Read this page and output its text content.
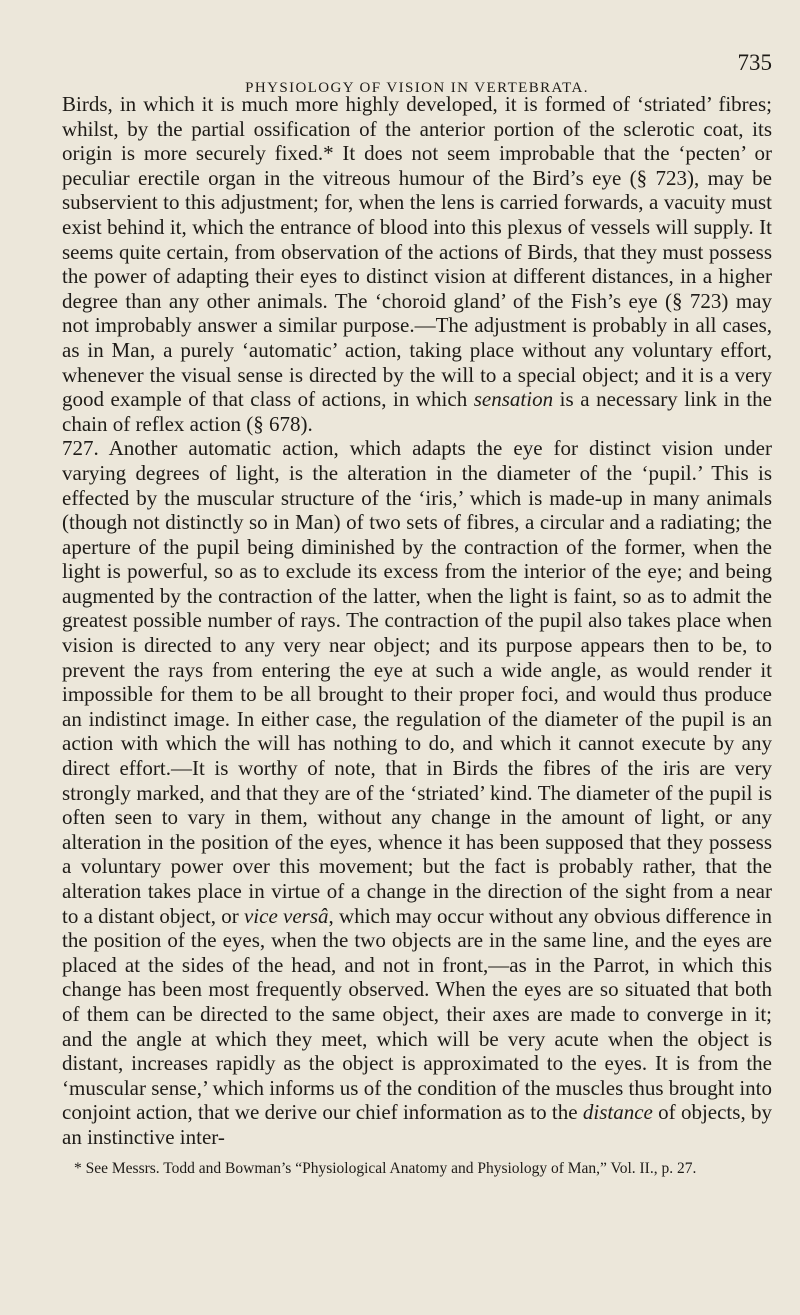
PHYSIOLOGY OF VISION IN VERTEBRATA.
735

Birds, in which it is much more highly developed, it is formed of ‘striated’ fibres; whilst, by the partial ossification of the anterior portion of the sclerotic coat, its origin is more securely fixed.* It does not seem improbable that the ‘pecten’ or peculiar erectile organ in the vitreous humour of the Bird’s eye (§ 723), may be subservient to this adjustment; for, when the lens is carried forwards, a vacuity must exist behind it, which the entrance of blood into this plexus of vessels will supply. It seems quite certain, from observation of the actions of Birds, that they must possess the power of adapting their eyes to distinct vision at different distances, in a higher degree than any other animals. The ‘choroid gland’ of the Fish’s eye (§ 723) may not improbably answer a similar purpose.—The adjustment is probably in all cases, as in Man, a purely ‘automatic’ action, taking place without any voluntary effort, whenever the visual sense is directed by the will to a special object; and it is a very good example of that class of actions, in which sensation is a necessary link in the chain of reflex action (§ 678).

727. Another automatic action, which adapts the eye for distinct vision under varying degrees of light, is the alteration in the diameter of the ‘pupil.’ This is effected by the muscular structure of the ‘iris,’ which is made-up in many animals (though not distinctly so in Man) of two sets of fibres, a circular and a radiating; the aperture of the pupil being diminished by the contraction of the former, when the light is powerful, so as to exclude its excess from the interior of the eye; and being augmented by the contraction of the latter, when the light is faint, so as to admit the greatest possible number of rays. The contraction of the pupil also takes place when vision is directed to any very near object; and its purpose appears then to be, to prevent the rays from entering the eye at such a wide angle, as would render it impossible for them to be all brought to their proper foci, and would thus produce an indistinct image. In either case, the regulation of the diameter of the pupil is an action with which the will has nothing to do, and which it cannot execute by any direct effort.—It is worthy of note, that in Birds the fibres of the iris are very strongly marked, and that they are of the ‘striated’ kind. The diameter of the pupil is often seen to vary in them, without any change in the amount of light, or any alteration in the position of the eyes, whence it has been supposed that they possess a voluntary power over this movement; but the fact is probably rather, that the alteration takes place in virtue of a change in the direction of the sight from a near to a distant object, or vice versâ, which may occur without any obvious difference in the position of the eyes, when the two objects are in the same line, and the eyes are placed at the sides of the head, and not in front,—as in the Parrot, in which this change has been most frequently observed. When the eyes are so situated that both of them can be directed to the same object, their axes are made to converge in it; and the angle at which they meet, which will be very acute when the object is distant, increases rapidly as the object is approximated to the eyes. It is from the ‘muscular sense,’ which informs us of the condition of the muscles thus brought into conjoint action, that we derive our chief information as to the distance of objects, by an instinctive inter-

* See Messrs. Todd and Bowman’s “Physiological Anatomy and Physiology of Man,” Vol. II., p. 27.
